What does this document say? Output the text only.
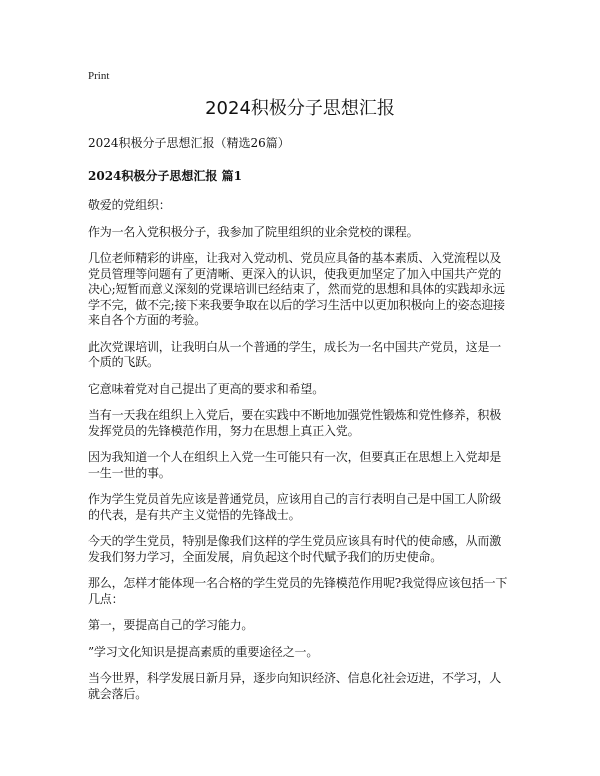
Print
2024积极分子思想汇报
2024积极分子思想汇报（精选26篇）
2024积极分子思想汇报 篇1

敬爱的党组织：

作为一名入党积极分子，我参加了院里组织的业余党校的课程。

几位老师精彩的讲座，让我对入党动机、党员应具备的基本素质、入党流程以及党员管理等问题有了更清晰、更深入的认识，使我更加坚定了加入中国共产党的决心;短暂而意义深刻的党课培训已经结束了，然而党的思想和具体的实践却永远学不完，做不完;接下来我要争取在以后的学习生活中以更加积极向上的姿态迎接来自各个方面的考验。

此次党课培训，让我明白从一个普通的学生，成长为一名中国共产党员，这是一个质的飞跃。

它意味着党对自己提出了更高的要求和希望。

当有一天我在组织上入党后，要在实践中不断地加强党性锻炼和党性修养，积极发挥党员的先锋模范作用，努力在思想上真正入党。

因为我知道一个人在组织上入党一生可能只有一次，但要真正在思想上入党却是一生一世的事。

作为学生党员首先应该是普通党员，应该用自己的言行表明自己是中国工人阶级的代表，是有共产主义觉悟的先锋战士。

今天的学生党员，特别是像我们这样的学生党员应该具有时代的使命感，从而激发我们努力学习，全面发展，肩负起这个时代赋予我们的历史使命。

那么，怎样才能体现一名合格的学生党员的先锋模范作用呢?我觉得应该包括一下几点：

第一，要提高自己的学习能力。

”学习文化知识是提高素质的重要途径之一。

当今世界，科学发展日新月异，逐步向知识经济、信息化社会迈进，不学习，人就会落后。
